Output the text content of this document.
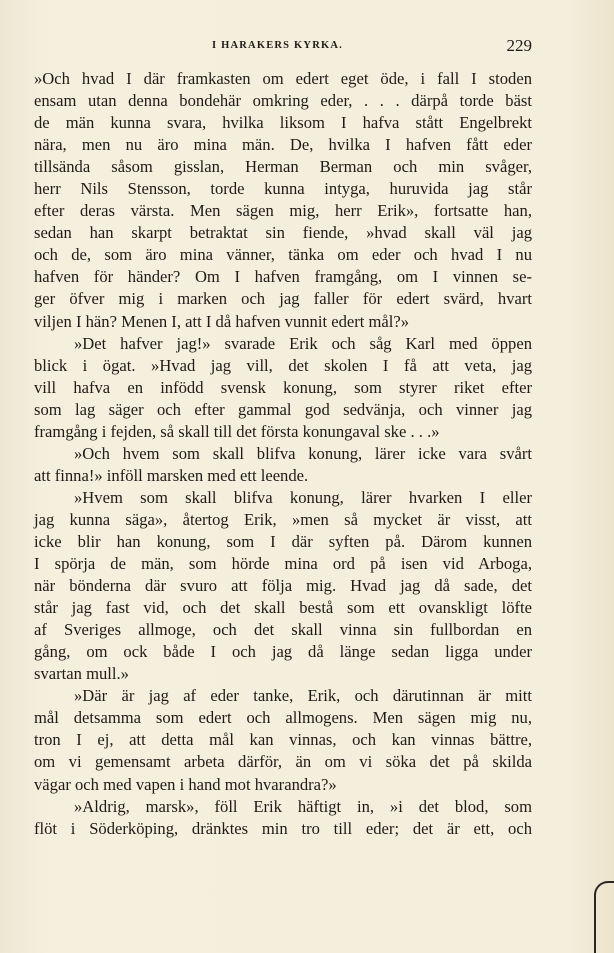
I HARAKERS KYRKA.	229
»Och hvad I där framkasten om edert eget öde, i fall I stoden
ensam utan denna bondehär omkring eder, . . . därpå torde bäst
de män kunna svara, hvilka liksom I hafva stått Engelbrekt
nära, men nu äro mina män. De, hvilka I hafven fått eder
tillsända såsom gisslan, Herman Berman och min svåger,
herr Nils Stensson, torde kunna intyga, huruvida jag står
efter deras värsta. Men sägen mig, herr Erik», fortsatte han,
sedan han skarpt betraktat sin fiende, »hvad skall väl jag
och de, som äro mina vänner, tänka om eder och hvad I nu
hafven för händer? Om I hafven framgång, om I vinnen se-
ger öfver mig i marken och jag faller för edert svärd, hvart
viljen I hän? Menen I, att I då hafven vunnit edert mål?»
»Det hafver jag!» svarade Erik och såg Karl med öppen
blick i ögat. »Hvad jag vill, det skolen I få att veta, jag
vill hafva en infödd svensk konung, som styrer riket efter
som lag säger och efter gammal god sedvänja, och vinner jag
framgång i fejden, så skall till det första konungaval ske . . .»
»Och hvem som skall blifva konung, lärer icke vara svårt
att finna!» inföll marsken med ett leende.
»Hvem som skall blifva konung, lärer hvarken I eller
jag kunna säga», återtog Erik, »men så mycket är visst, att
icke blir han konung, som I där syften på. Därom kunnen
I spörja de män, som hörde mina ord på isen vid Arboga,
när bönderna där svuro att följa mig. Hvad jag då sade, det
står jag fast vid, och det skall bestå som ett ovanskligt löfte
af Sveriges allmoge, och det skall vinna sin fullbordan en
gång, om ock både I och jag då länge sedan ligga under
svartan mull.»
»Där är jag af eder tanke, Erik, och därutinnan är mitt
mål detsamma som edert och allmogens. Men sägen mig nu,
tron I ej, att detta mål kan vinnas, och kan vinnas bättre,
om vi gemensamt arbeta därför, än om vi söka det på skilda
vägar och med vapen i hand mot hvarandra?»
»Aldrig, marsk», föll Erik häftigt in, »i det blod, som
flöt i Söderköping, dränktes min tro till eder; det är ett, och
